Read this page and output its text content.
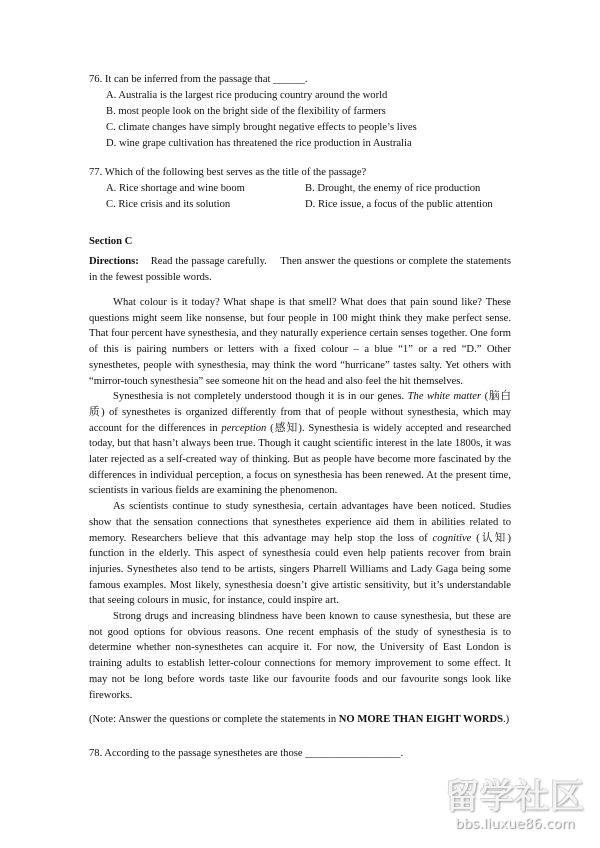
76. It can be inferred from the passage that ______.
A. Australia is the largest rice producing country around the world
B. most people look on the bright side of the flexibility of farmers
C. climate changes have simply brought negative effects to people’s lives
D. wine grape cultivation has threatened the rice production in Australia
77. Which of the following best serves as the title of the passage?
A. Rice shortage and wine boom	B. Drought, the enemy of rice production
C. Rice crisis and its solution	D. Rice issue, a focus of the public attention
Section C
Directions: Read the passage carefully.  Then answer the questions or complete the statements in the fewest possible words.

What colour is it today? What shape is that smell? What does that pain sound like? These questions might seem like nonsense, but four people in 100 might think they make perfect sense. That four percent have synesthesia, and they naturally experience certain senses together. One form of this is pairing numbers or letters with a fixed colour – a blue “1” or a red “D.” Other synesthetes, people with synesthesia, may think the word “hurricane” tastes salty. Yet others with “mirror-touch synesthesia” see someone hit on the head and also feel the hit themselves.

Synesthesia is not completely understood though it is in our genes. The white matter (脑白质) of synesthetes is organized differently from that of people without synesthesia, which may account for the differences in perception (感知). Synesthesia is widely accepted and researched today, but that hasn’t always been true. Though it caught scientific interest in the late 1800s, it was later rejected as a self-created way of thinking. But as people have become more fascinated by the differences in individual perception, a focus on synesthesia has been renewed. At the present time, scientists in various fields are examining the phenomenon.

As scientists continue to study synesthesia, certain advantages have been noticed. Studies show that the sensation connections that synesthetes experience aid them in abilities related to memory. Researchers believe that this advantage may help stop the loss of cognitive (认知) function in the elderly. This aspect of synesthesia could even help patients recover from brain injuries. Synesthetes also tend to be artists, singers Pharrell Williams and Lady Gaga being some famous examples. Most likely, synesthesia doesn’t give artistic sensitivity, but it’s understandable that seeing colours in music, for instance, could inspire art.

Strong drugs and increasing blindness have been known to cause synesthesia, but these are not good options for obvious reasons. One recent emphasis of the study of synesthesia is to determine whether non-synesthetes can acquire it. For now, the University of East London is training adults to establish letter-colour connections for memory improvement to some effect. It may not be long before words taste like our favourite foods and our favourite songs look like fireworks.

(Note: Answer the questions or complete the statements in NO MORE THAN EIGHT WORDS.)
78. According to the passage synesthetes are those __________________.
留学社区
bbs.liuxue86.com
